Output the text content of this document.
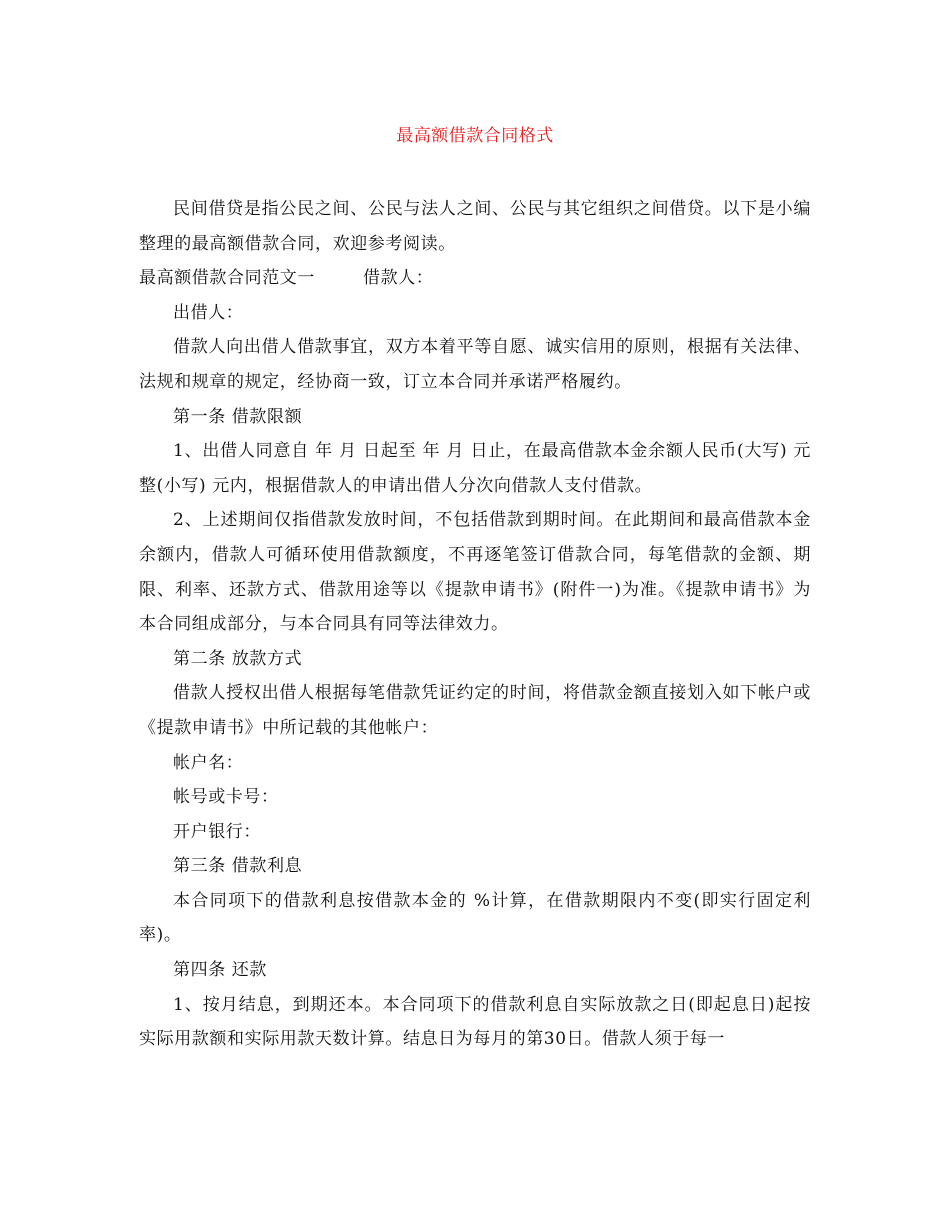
最高额借款合同格式

民间借贷是指公民之间、公民与法人之间、公民与其它组织之间借贷。以下是小编整理的最高额借款合同，欢迎参考阅读。

最高额借款合同范文一	借款人：

出借人：

借款人向出借人借款事宜，双方本着平等自愿、诚实信用的原则，根据有关法律、法规和规章的规定，经协商一致，订立本合同并承诺严格履约。

第一条 借款限额

1、出借人同意自 年 月 日起至 年 月 日止，在最高借款本金余额人民币(大写) 元整(小写) 元内，根据借款人的申请出借人分次向借款人支付借款。

2、上述期间仅指借款发放时间，不包括借款到期时间。在此期间和最高借款本金余额内，借款人可循环使用借款额度，不再逐笔签订借款合同，每笔借款的金额、期限、利率、还款方式、借款用途等以《提款申请书》(附件一)为准。《提款申请书》为本合同组成部分，与本合同具有同等法律效力。

第二条 放款方式

借款人授权出借人根据每笔借款凭证约定的时间，将借款金额直接划入如下帐户或《提款申请书》中所记载的其他帐户：

帐户名：

帐号或卡号：

开户银行：

第三条 借款利息

本合同项下的借款利息按借款本金的 %计算，在借款期限内不变(即实行固定利率)。

第四条 还款

1、按月结息，到期还本。本合同项下的借款利息自实际放款之日(即起息日)起按实际用款额和实际用款天数计算。结息日为每月的第30日。借款人须于每一
